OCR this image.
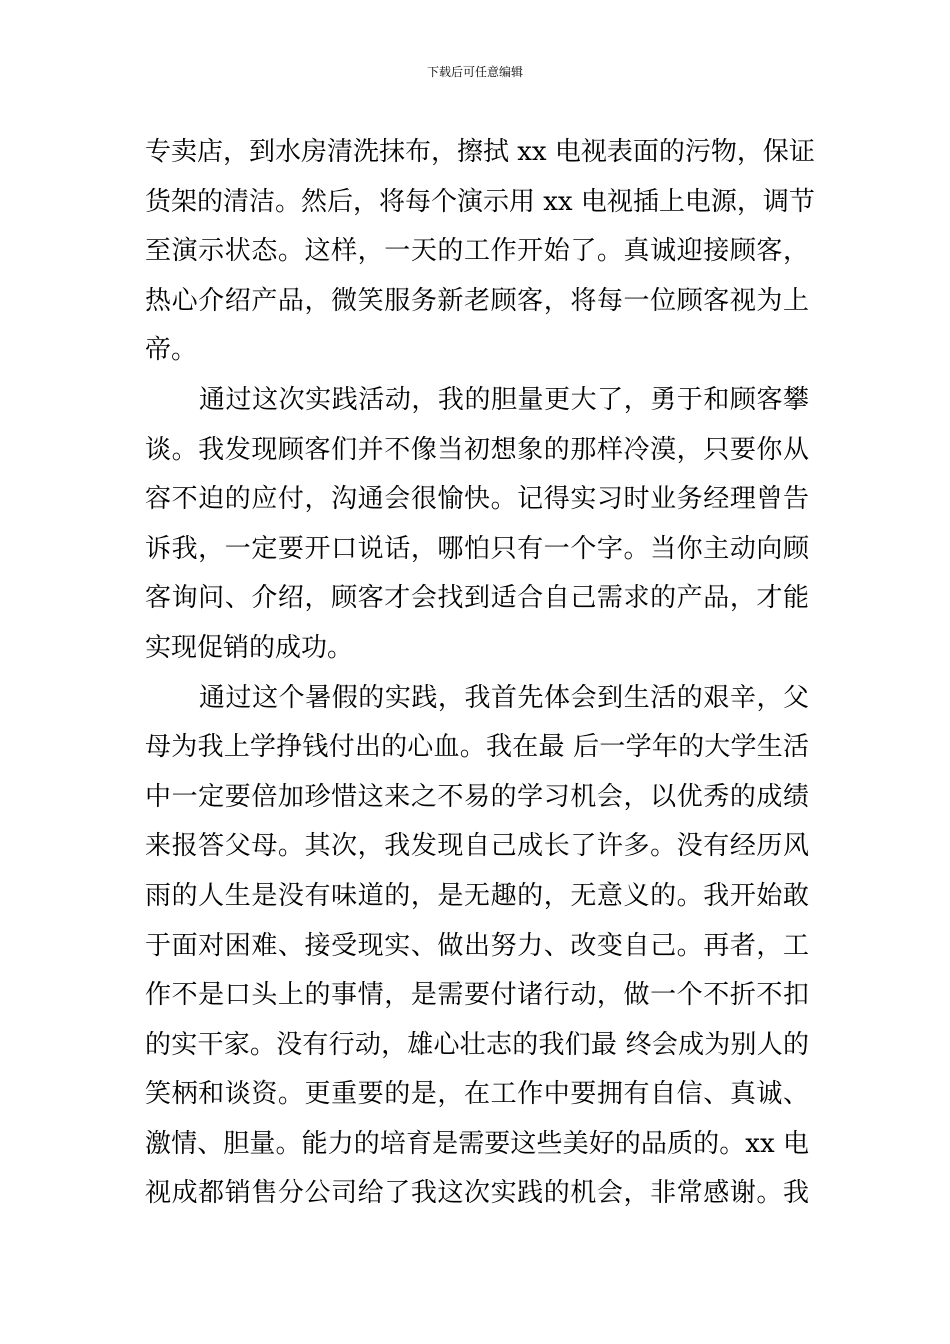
下载后可任意编辑
专卖店，到水房清洗抹布，擦拭 xx 电视表面的污物，保证
货架的清洁。然后，将每个演示用 xx 电视插上电源，调节
至演示状态。这样，一天的工作开始了。真诚迎接顾客，
热心介绍产品，微笑服务新老顾客，将每一位顾客视为上
帝。
通过这次实践活动，我的胆量更大了，勇于和顾客攀
谈。我发现顾客们并不像当初想象的那样冷漠，只要你从
容不迫的应付，沟通会很愉快。记得实习时业务经理曾告
诉我，一定要开口说话，哪怕只有一个字。当你主动向顾
客询问、介绍，顾客才会找到适合自己需求的产品，才能
实现促销的成功。
通过这个暑假的实践，我首先体会到生活的艰辛，父
母为我上学挣钱付出的心血。我在最 后一学年的大学生活
中一定要倍加珍惜这来之不易的学习机会，以优秀的成绩
来报答父母。其次，我发现自己成长了许多。没有经历风
雨的人生是没有味道的，是无趣的，无意义的。我开始敢
于面对困难、接受现实、做出努力、改变自己。再者，工
作不是口头上的事情，是需要付诸行动，做一个不折不扣
的实干家。没有行动，雄心壮志的我们最 终会成为别人的
笑柄和谈资。更重要的是，在工作中要拥有自信、真诚、
激情、胆量。能力的培育是需要这些美好的品质的。xx 电
视成都销售分公司给了我这次实践的机会，非常感谢。我
